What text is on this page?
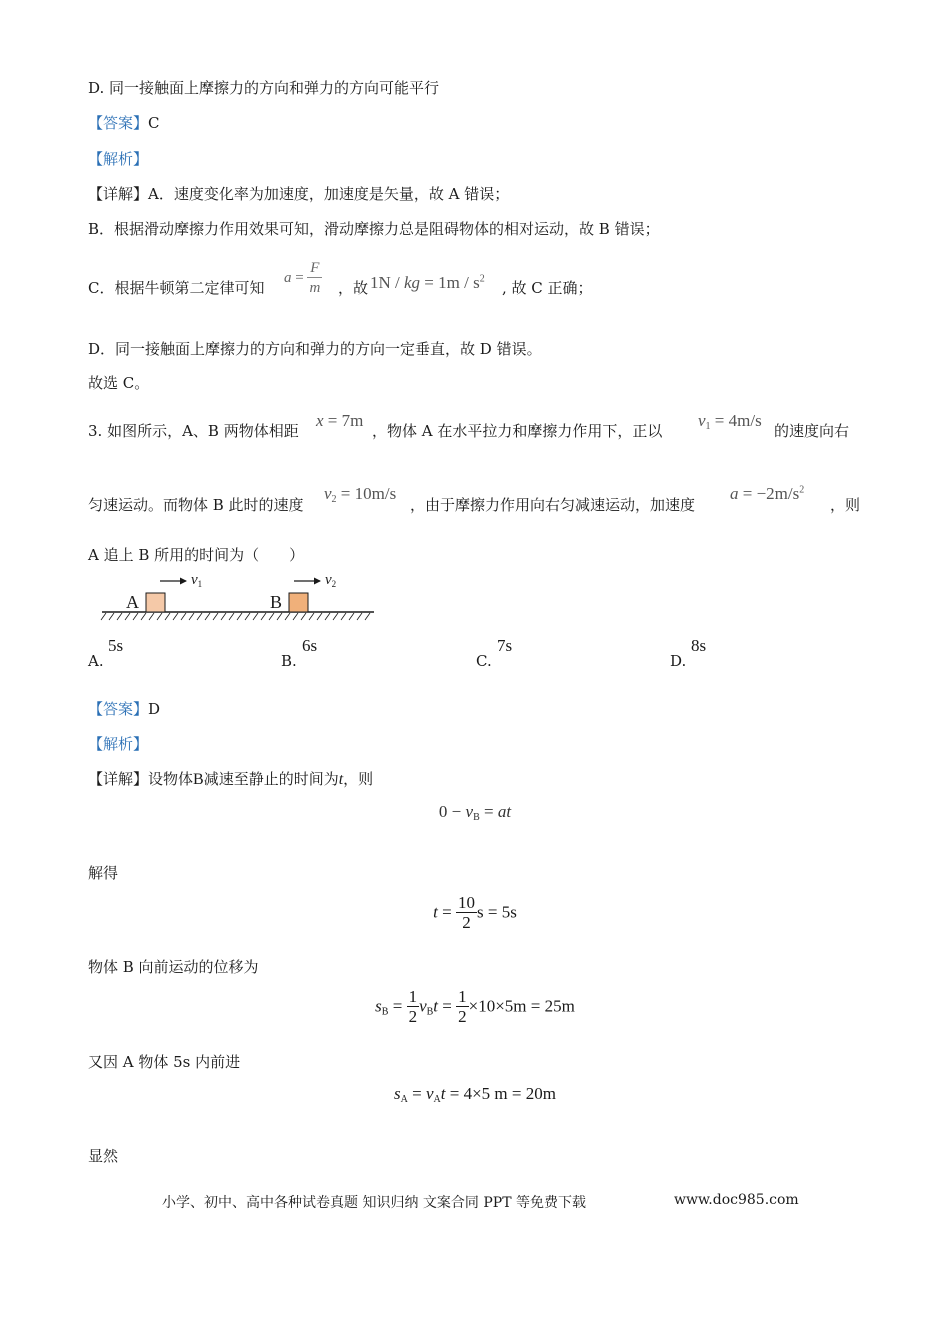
D. 同一接触面上摩擦力的方向和弹力的方向可能平行
【答案】C
【解析】
【详解】A．速度变化率为加速度，加速度是矢量，故 A 错误；
B．根据滑动摩擦力作用效果可知，滑动摩擦力总是阻碍物体的相对运动，故 B 错误；
C．根据牛顿第二定律可知
$a = \frac{F}{m}$ ，故 1N / kg = $1m / s^2$
, 故 C 正确；
D．同一接触面上摩擦力的方向和弹力的方向一定垂直，故 D 错误。
故选 C。
3. 如图所示，A、B 两物体相距
x = 7m
，物体 A 在水平拉力和摩擦力作用下，正以
v1 = 4m/s
的速度向右
匀速运动。而物体 B 此时的速度
v2 = 10m/s
，由于摩擦力作用向右匀减速运动，加速度
$a = -2m/s^2$
，则
A 追上 B 所用的时间为（　　）
A	B
$v_1$	$v_2$
A.
5s
B.
6s
C.
7s
D.
8s
【答案】D
【解析】
【详解】设物体B减速至静止的时间为t，则
0 − vB = at
解得
$t = \frac{10}{2}$ s = 5s
物体 B 向前运动的位移为
sB = $\frac{1}{2}$ vBt = $\frac{1}{2} \times 10\times 5m = 25m$
又因 A 物体 5s 内前进
sA = vAt = 4×5 m = 20m
显然
小学、初中、高中各种试卷真题 知识归纳 文案合同 PPT 等免费下载	www.doc985.com
